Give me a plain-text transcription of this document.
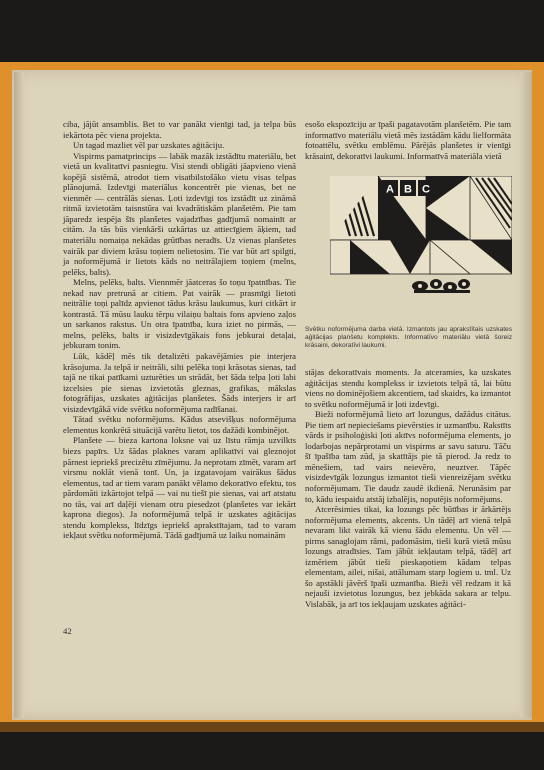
ciba, jājūt ansamblis. Bet to var panākt vienīgi tad, ja telpa būs iekārtota pēc viena projekta.

Un tagad mazliet vēl par uzskates aģitāciju.

Vispirms pamatprincips — labāk mazāk izstādītu materiālu, bet vietā un kvalitatīvi pasniegtu. Visi stendi obligāti jāapvieno vienā kopējā sistēmā, atrodot tiem visatbilstošāko vietu visas telpas plānojumā. Izdevīgi materiālus koncentrēt pie vienas, bet ne vienmēr — centrālās sienas. Ļoti izdevīgi tos izstādīt uz zināmā ritmā izvietotām taisnstūra vai kvadrātiskām planšetēm. Pie tam jāparedz iespēja šīs planšetes vajadzības gadījumā nomainīt ar citām. Ja tās būs vienkārši uzkārtas uz attiecīgiem āķiem, tad materiālu nomaiņa nekādas grūtības neradīs. Uz vienas planšetes vairāk par diviem krāsu toņiem nelietosim. Tie var būt arī spilgti, ja noformējumā ir lietots kāds no neitrālajiem toņiem (melns, pelēks, balts).

Melns, pelēks, balts. Viennmēr jāatceras šo toņu īpatnības. Tie nekad nav pretrunā ar citiem. Pat vairāk — prasmīgi lietoti neitrālie toņi palīdz apvienot tādus krāsu laukumus, kuri citkārt ir kontrastā. Tā mūsu lauku tērpu vilaiņu baltais fons apvieno zaļos un sarkanos rakstus. Un otra īpatnība, kura iziet no pirmās, — melns, pelēks, balts ir visizdevīgākais fons jebkurai detaļai, jebkuram tonim.

Lūk, kādēļ mēs tik detalizēti pakavējāmies pie interjera krāsojuma. Ja telpā ir neitrāli, silti pelēka toņi krāsotas sienas, tad tajā ne tikai patīkami uzturēties un strādāt, bet šāda telpa ļoti labi izcelsies pie sienas izvietotās gleznas, grafikas, mākslas fotogrāfijas, uzskates aģitācijas planšetes. Šāds interjers ir arī visizdevīgākā vide svētku noformējuma radīšanai.

Tātad svētku noformējums. Kādus atsevišķus noformējuma elementus konkrētā situācijā varētu lietot, tos dažādi kombinējot.

Planšete — bieza kartona loksne vai uz līstu rāmja uzvilkts biezs papīrs. Uz šādas plaknes varam aplikatīvi vai gleznojot pārnest iepriekš precizētu zīmējumu. Ja neprotam zīmēt, varam arī virsmu noklāt vienā tonī. Un, ja izgatavojam vairākus šādus elementus, tad ar tiem varam panākt vēlamo dekoratīvo efektu, tos pārdomāti izkārtojot telpā — vai nu tiešī pie sienas, vai arī atstatu no tās, vai arī daļēji vienam otru piesedzot (planšetes var iekārt kaprona diegos). Ja noformējumā telpā ir uzskates aģitācijas stendu komplekss, līdzīgs iepriekš aprakstītajam, tad to varam iekļaut svētku noformējumā. Tādā gadījumā uz laiku nomainām

esošo ekspozīciju ar īpaši pagatavotām planšetēm. Pie tam informatīvo materiālu vietā mēs izstādām kādu lielformāta fotoattēlu, svētku emblēmu. Pārējās planšetes ir vienīgi krāsainī, dekoratīvi laukumi. Informatīvā materiāla vietā

A B C
Svētku noformējuma darba vietā. Izmantots jau aprakstītais uzskates aģitācijas planšetu komplekts. Informatīvo materiālu vietā šoreiz krāsaini, dekoratīvi laukumi.

stājas dekoratīvais moments. Ja atceramies, ka uzskates aģitācijas stendu komplekss ir izvietots telpā tā, lai būtu viens no dominējošiem akcentiem, tad skaidrs, ka izmantot to svētku noformējumā ir ļoti izdevīgi.

Bieži noformējumā lieto arī lozungus, dažādus citātus. Pie tiem arī nepieciešams pievērsties ir uzmanību. Rakstīts vārds ir psiholoģiski ļoti aktīvs noformējuma elements, jo lodarbojas nepārprotami un vispirms ar savu saturu. Tāču šī īpašība tam zūd, ja skatītājs pie tā pierod. Ja redz to mēnešiem, tad vairs neievēro, neuztver. Tāpēc visizdevīgāk lozungus izmantot tieši vienreizējam svētku noformējumam. Tie daudz zaudē ikdienā. Nerunāsim par to, kādu iespaidu atstāj izbalējis, noputējis noformējums.

Atcerēsimies tikai, ka lozungs pēc būtības ir ārkārtējs noformējuma elements, akcents. Un tādēļ arī vienā telpā nevaram likt vairāk kā vienu šādu elementu. Un vēl — pirms sanaglojam rāmi, padomāsim, tieši kurā vietā mūsu lozungs atradīsies. Tam jābūt iekļautam telpā, tādēļ arī izmēriem jābūt tieši pieskaņotiem kādam telpas elementam, ailei, nišai, attālumam starp logiem u. tml. Uz šo apstākli jāvērš īpaši uzmanība. Bieži vēl redzam it kā nejauši izvietotus lozungus, bez jebkāda sakara ar telpu. Vislabāk, ja arī tos iekļaujam uzskates aģitāci-

42
